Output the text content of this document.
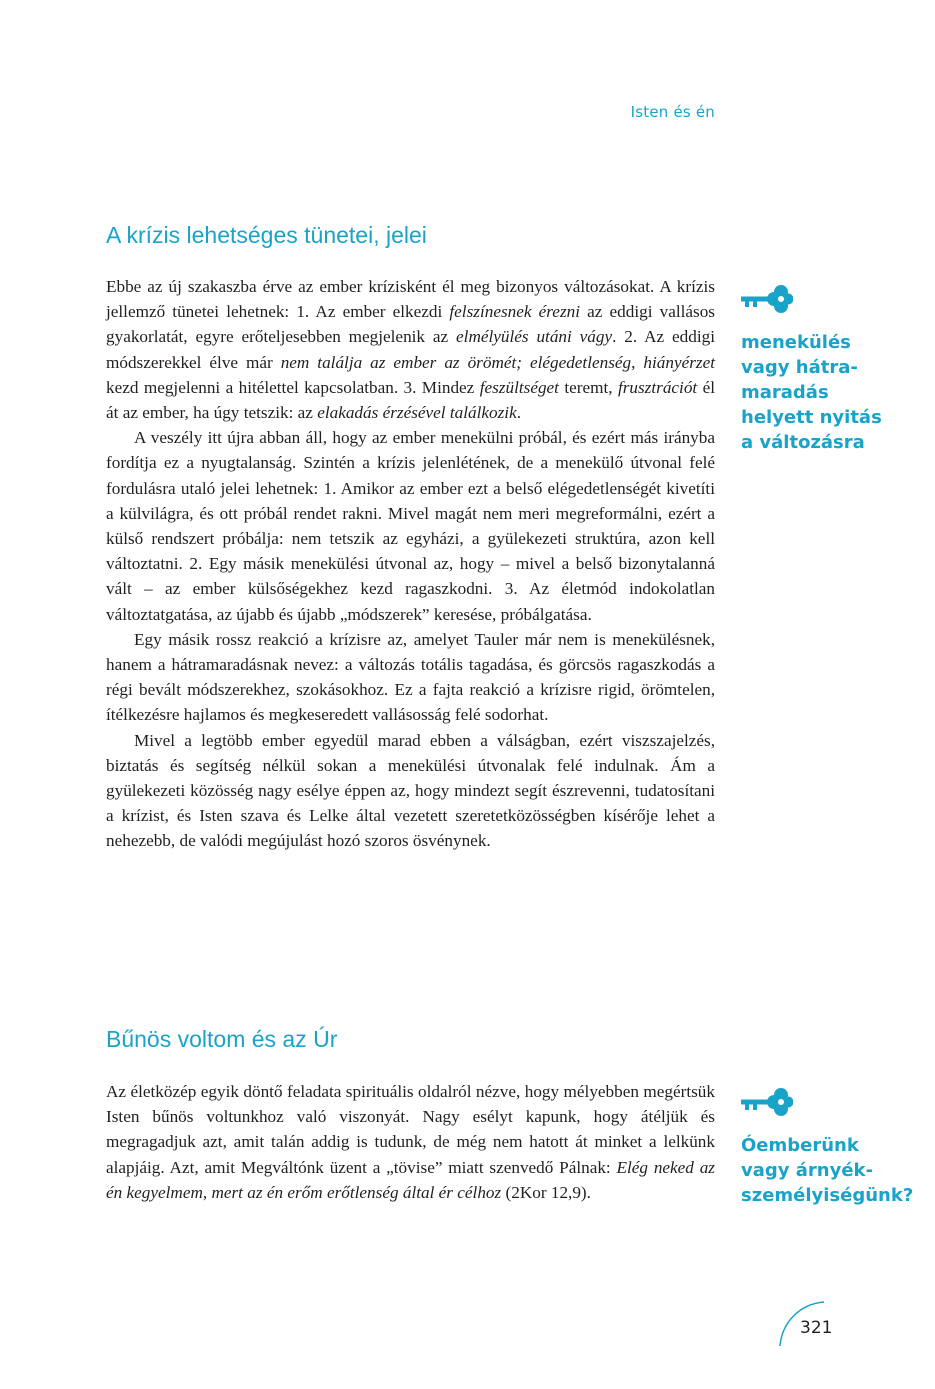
Isten és én
A krízis lehetséges tünetei, jelei

Ebbe az új szakaszba érve az ember krízisként él meg bizonyos változásokat. A krízis jellemző tünetei lehetnek: 1. Az ember elkezdi felszínesnek érezni az eddigi vallásos gyakorlatát, egyre erőteljesebben megjelenik az elmélyülés utáni vágy. 2. Az eddigi módszerekkel élve már nem találja az ember az örömét; elégedetlenség, hiányérzet kezd megjelenni a hitélettel kapcsolatban. 3. Mindez feszültséget teremt, frusztrációt él át az ember, ha úgy tetszik: az elakadás érzésével találkozik.

A veszély itt újra abban áll, hogy az ember menekülni próbál, és ezért más irányba fordítja ez a nyugtalanság. Szintén a krízis jelenlétének, de a menekülő útvonal felé fordulásra utaló jelei lehetnek: 1. Amikor az ember ezt a belső elégedetlenségét kivetíti a külvilágra, és ott próbál rendet rakni. Mivel magát nem meri megreformálni, ezért a külső rendszert próbálja: nem tetszik az egyházi, a gyülekezeti struktúra, azon kell változtatni. 2. Egy másik menekülési útvonal az, hogy – mivel a belső bizonytalanná vált – az ember külsőségekhez kezd ragaszkodni. 3. Az életmód indokolatlan változtatgatása, az újabb és újabb „módszerek” keresése, próbálgatása.

Egy másik rossz reakció a krízisre az, amelyet Tauler már nem is menekülésnek, hanem a hátramaradásnak nevez: a változás totális tagadása, és görcsös ragaszkodás a régi bevált módszerekhez, szokásokhoz. Ez a fajta reakció a krízisre rigid, örömtelen, ítélkezésre hajlamos és megkeseredett vallásosság felé sodorhat.

Mivel a legtöbb ember egyedül marad ebben a válságban, ezért viszszajelzés, biztatás és segítség nélkül sokan a menekülési útvonalak felé indulnak. Ám a gyülekezeti közösség nagy esélye éppen az, hogy mindezt segít észrevenni, tudatosítani a krízist, és Isten szava és Lelke által vezetett szeretetközösségben kísérője lehet a nehezebb, de valódi megújulást hozó szoros ösvénynek.

menekülés
vagy hátra-
maradás
helyett nyitás
a változásra
Bűnös voltom és az Úr

Az életközép egyik döntő feladata spirituális oldalról nézve, hogy mélyebben megértsük Isten bűnös voltunkhoz való viszonyát. Nagy esélyt kapunk, hogy átéljük és megragadjuk azt, amit talán addig is tudunk, de még nem hatott át minket a lelkünk alapjáig. Azt, amit Megváltónk üzent a „tövise” miatt szenvedő Pálnak: Elég neked az én kegyelmem, mert az én erőm erőtlenség által ér célhoz (2Kor 12,9).

Óemberünk
vagy árnyék-
személyiségünk?
321
